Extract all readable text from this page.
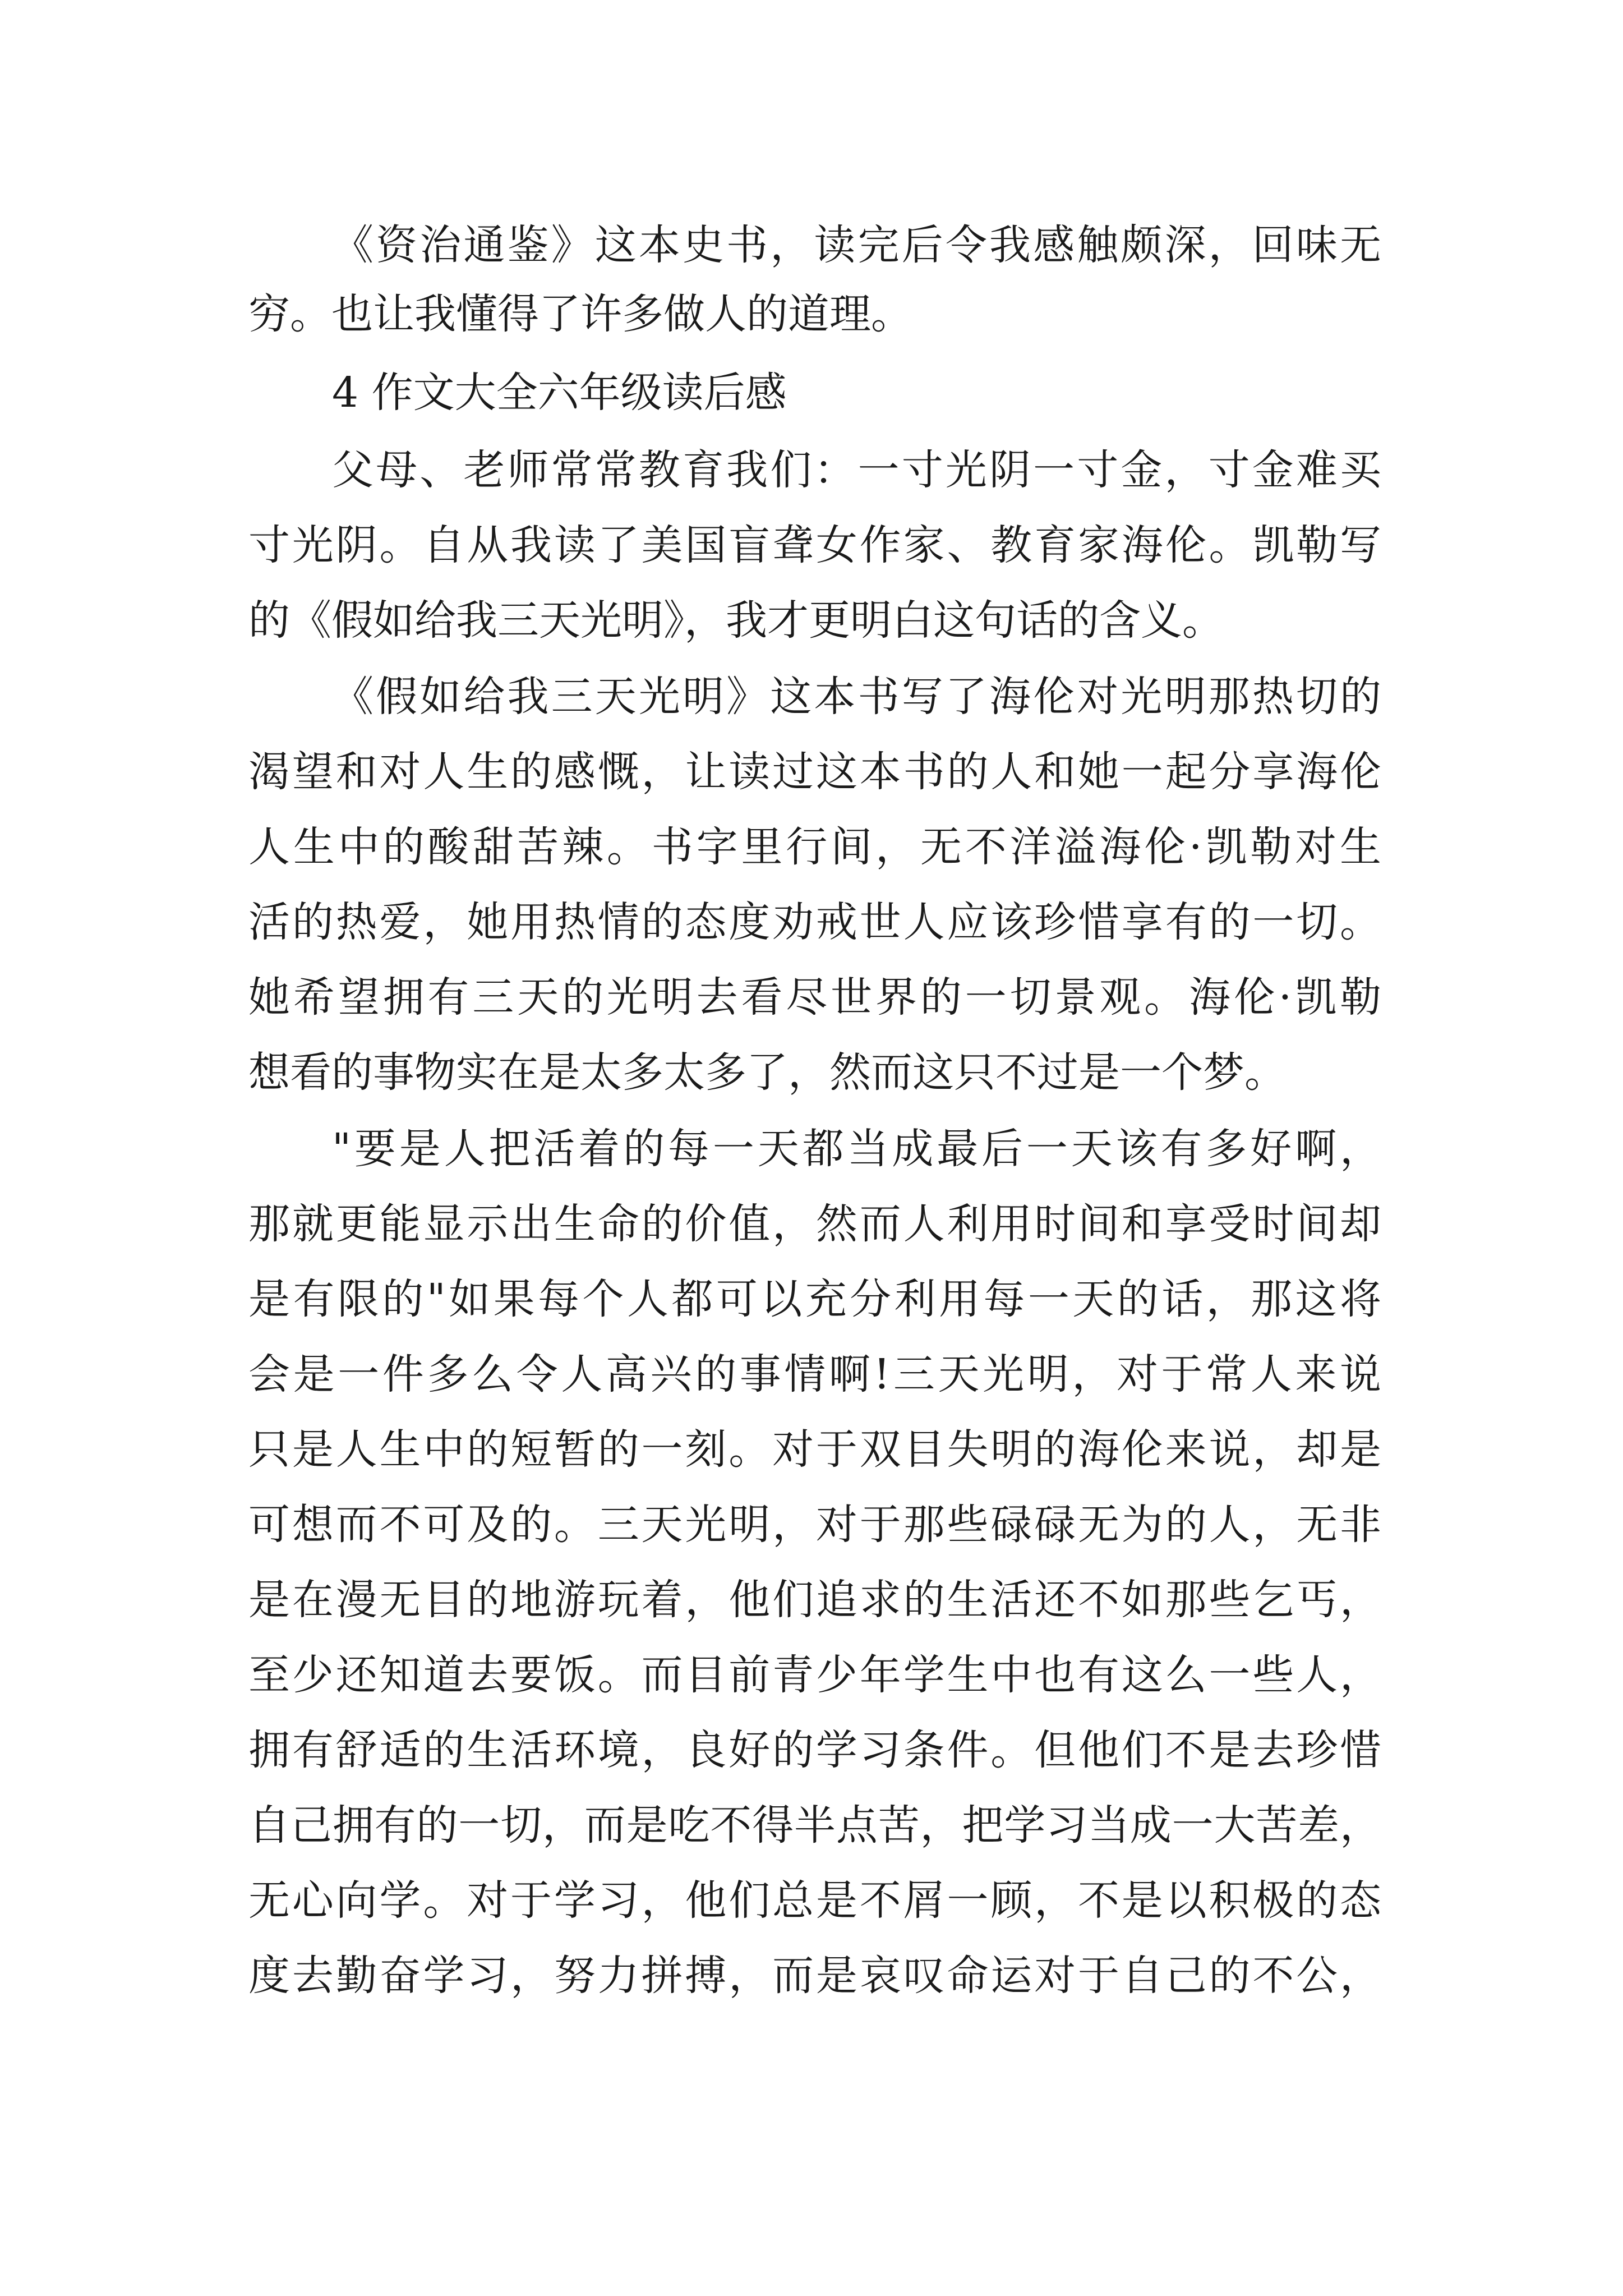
《资治通鉴》这本史书，读完后令我感触颇深，回味无

穷。也让我懂得了许多做人的道理。

4 作文大全六年级读后感

父母、老师常常教育我们：一寸光阴一寸金，寸金难买

寸光阴。自从我读了美国盲聋女作家、教育家海伦。凯勒写

的《假如给我三天光明》，我才更明白这句话的含义。

《假如给我三天光明》这本书写了海伦对光明那热切的

渴望和对人生的感慨，让读过这本书的人和她一起分享海伦

人生中的酸甜苦辣。书字里行间，无不洋溢海伦·凯勒对生

活的热爱，她用热情的态度劝戒世人应该珍惜享有的一切。

她希望拥有三天的光明去看尽世界的一切景观。海伦·凯勒

想看的事物实在是太多太多了，然而这只不过是一个梦。

"要是人把活着的每一天都当成最后一天该有多好啊，

那就更能显示出生命的价值，然而人利用时间和享受时间却

是有限的"如果每个人都可以充分利用每一天的话，那这将

会是一件多么令人高兴的事情啊!三天光明，对于常人来说

只是人生中的短暂的一刻。对于双目失明的海伦来说，却是

可想而不可及的。三天光明，对于那些碌碌无为的人，无非

是在漫无目的地游玩着，他们追求的生活还不如那些乞丐，

至少还知道去要饭。而目前青少年学生中也有这么一些人，

拥有舒适的生活环境，良好的学习条件。但他们不是去珍惜

自己拥有的一切，而是吃不得半点苦，把学习当成一大苦差，

无心向学。对于学习，他们总是不屑一顾，不是以积极的态

度去勤奋学习，努力拼搏，而是哀叹命运对于自己的不公，
